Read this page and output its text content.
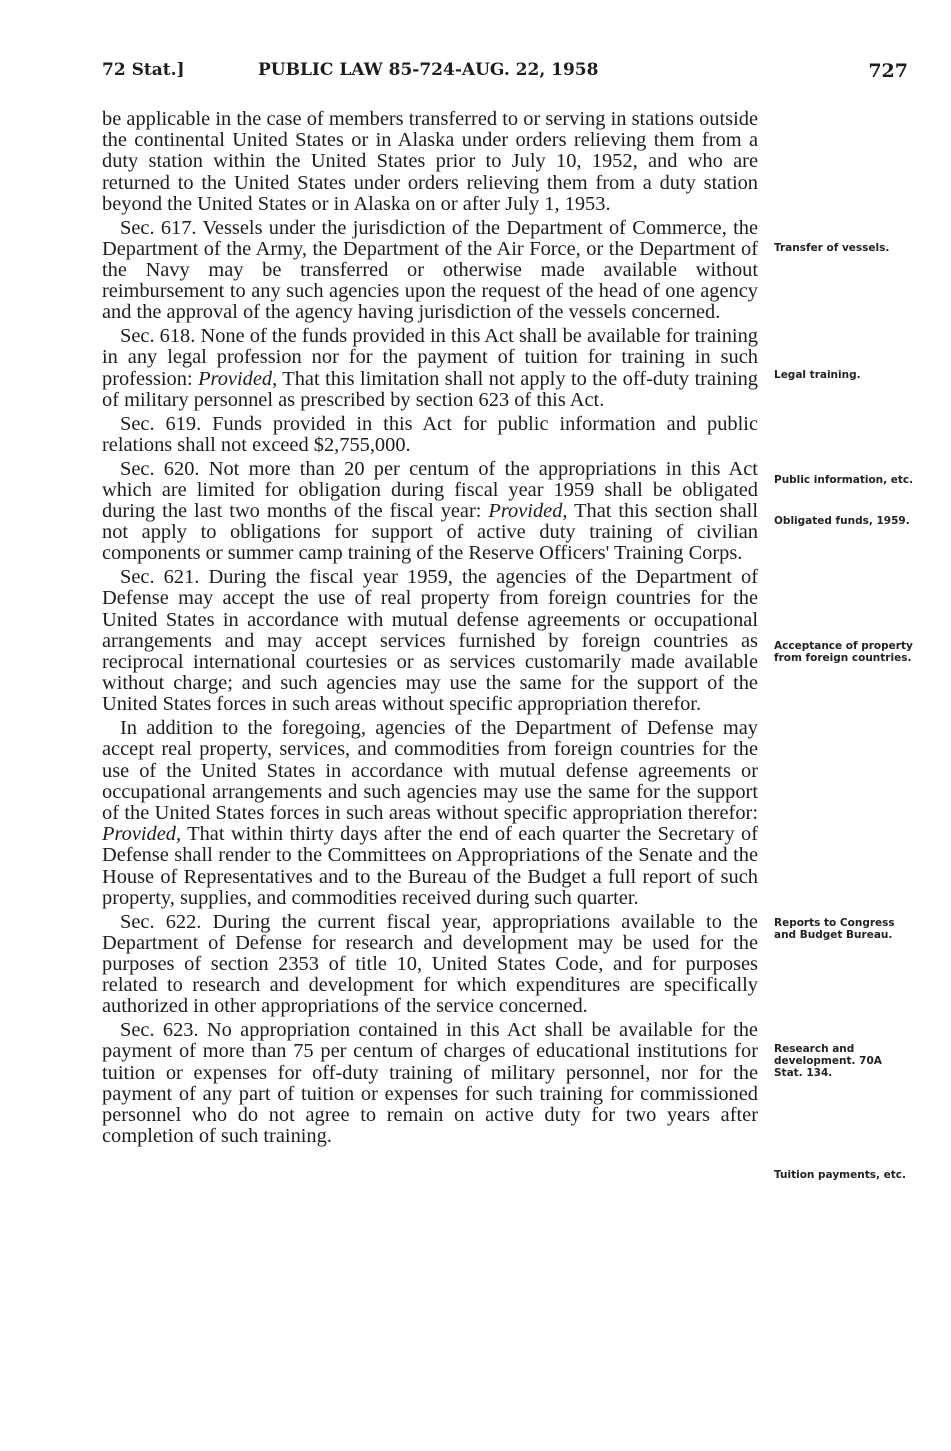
72 Stat.]	PUBLIC LAW 85-724-AUG. 22, 1958	727

be applicable in the case of members transferred to or serving in stations outside the continental United States or in Alaska under orders relieving them from a duty station within the United States prior to July 10, 1952, and who are returned to the United States under orders relieving them from a duty station beyond the United States or in Alaska on or after July 1, 1953.

Sec. 617. Vessels under the jurisdiction of the Department of Commerce, the Department of the Army, the Department of the Air Force, or the Department of the Navy may be transferred or otherwise made available without reimbursement to any such agencies upon the request of the head of one agency and the approval of the agency having jurisdiction of the vessels concerned.

Sec. 618. None of the funds provided in this Act shall be available for training in any legal profession nor for the payment of tuition for training in such profession: Provided, That this limitation shall not apply to the off-duty training of military personnel as prescribed by section 623 of this Act.

Sec. 619. Funds provided in this Act for public information and public relations shall not exceed $2,755,000.

Sec. 620. Not more than 20 per centum of the appropriations in this Act which are limited for obligation during fiscal year 1959 shall be obligated during the last two months of the fiscal year: Provided, That this section shall not apply to obligations for support of active duty training of civilian components or summer camp training of the Reserve Officers' Training Corps.

Sec. 621. During the fiscal year 1959, the agencies of the Department of Defense may accept the use of real property from foreign countries for the United States in accordance with mutual defense agreements or occupational arrangements and may accept services furnished by foreign countries as reciprocal international courtesies or as services customarily made available without charge; and such agencies may use the same for the support of the United States forces in such areas without specific appropriation therefor.

In addition to the foregoing, agencies of the Department of Defense may accept real property, services, and commodities from foreign countries for the use of the United States in accordance with mutual defense agreements or occupational arrangements and such agencies may use the same for the support of the United States forces in such areas without specific appropriation therefor: Provided, That within thirty days after the end of each quarter the Secretary of Defense shall render to the Committees on Appropriations of the Senate and the House of Representatives and to the Bureau of the Budget a full report of such property, supplies, and commodities received during such quarter.

Sec. 622. During the current fiscal year, appropriations available to the Department of Defense for research and development may be used for the purposes of section 2353 of title 10, United States Code, and for purposes related to research and development for which expenditures are specifically authorized in other appropriations of the service concerned.

Sec. 623. No appropriation contained in this Act shall be available for the payment of more than 75 per centum of charges of educational institutions for tuition or expenses for off-duty training of military personnel, nor for the payment of any part of tuition or expenses for such training for commissioned personnel who do not agree to remain on active duty for two years after completion of such training.

Transfer of vessels.
Legal training.
Public information, etc.
Obligated funds, 1959.
Acceptance of property from foreign countries.
Reports to Congress and Budget Bureau.
Research and development. 70A Stat. 134.
Tuition payments, etc.
